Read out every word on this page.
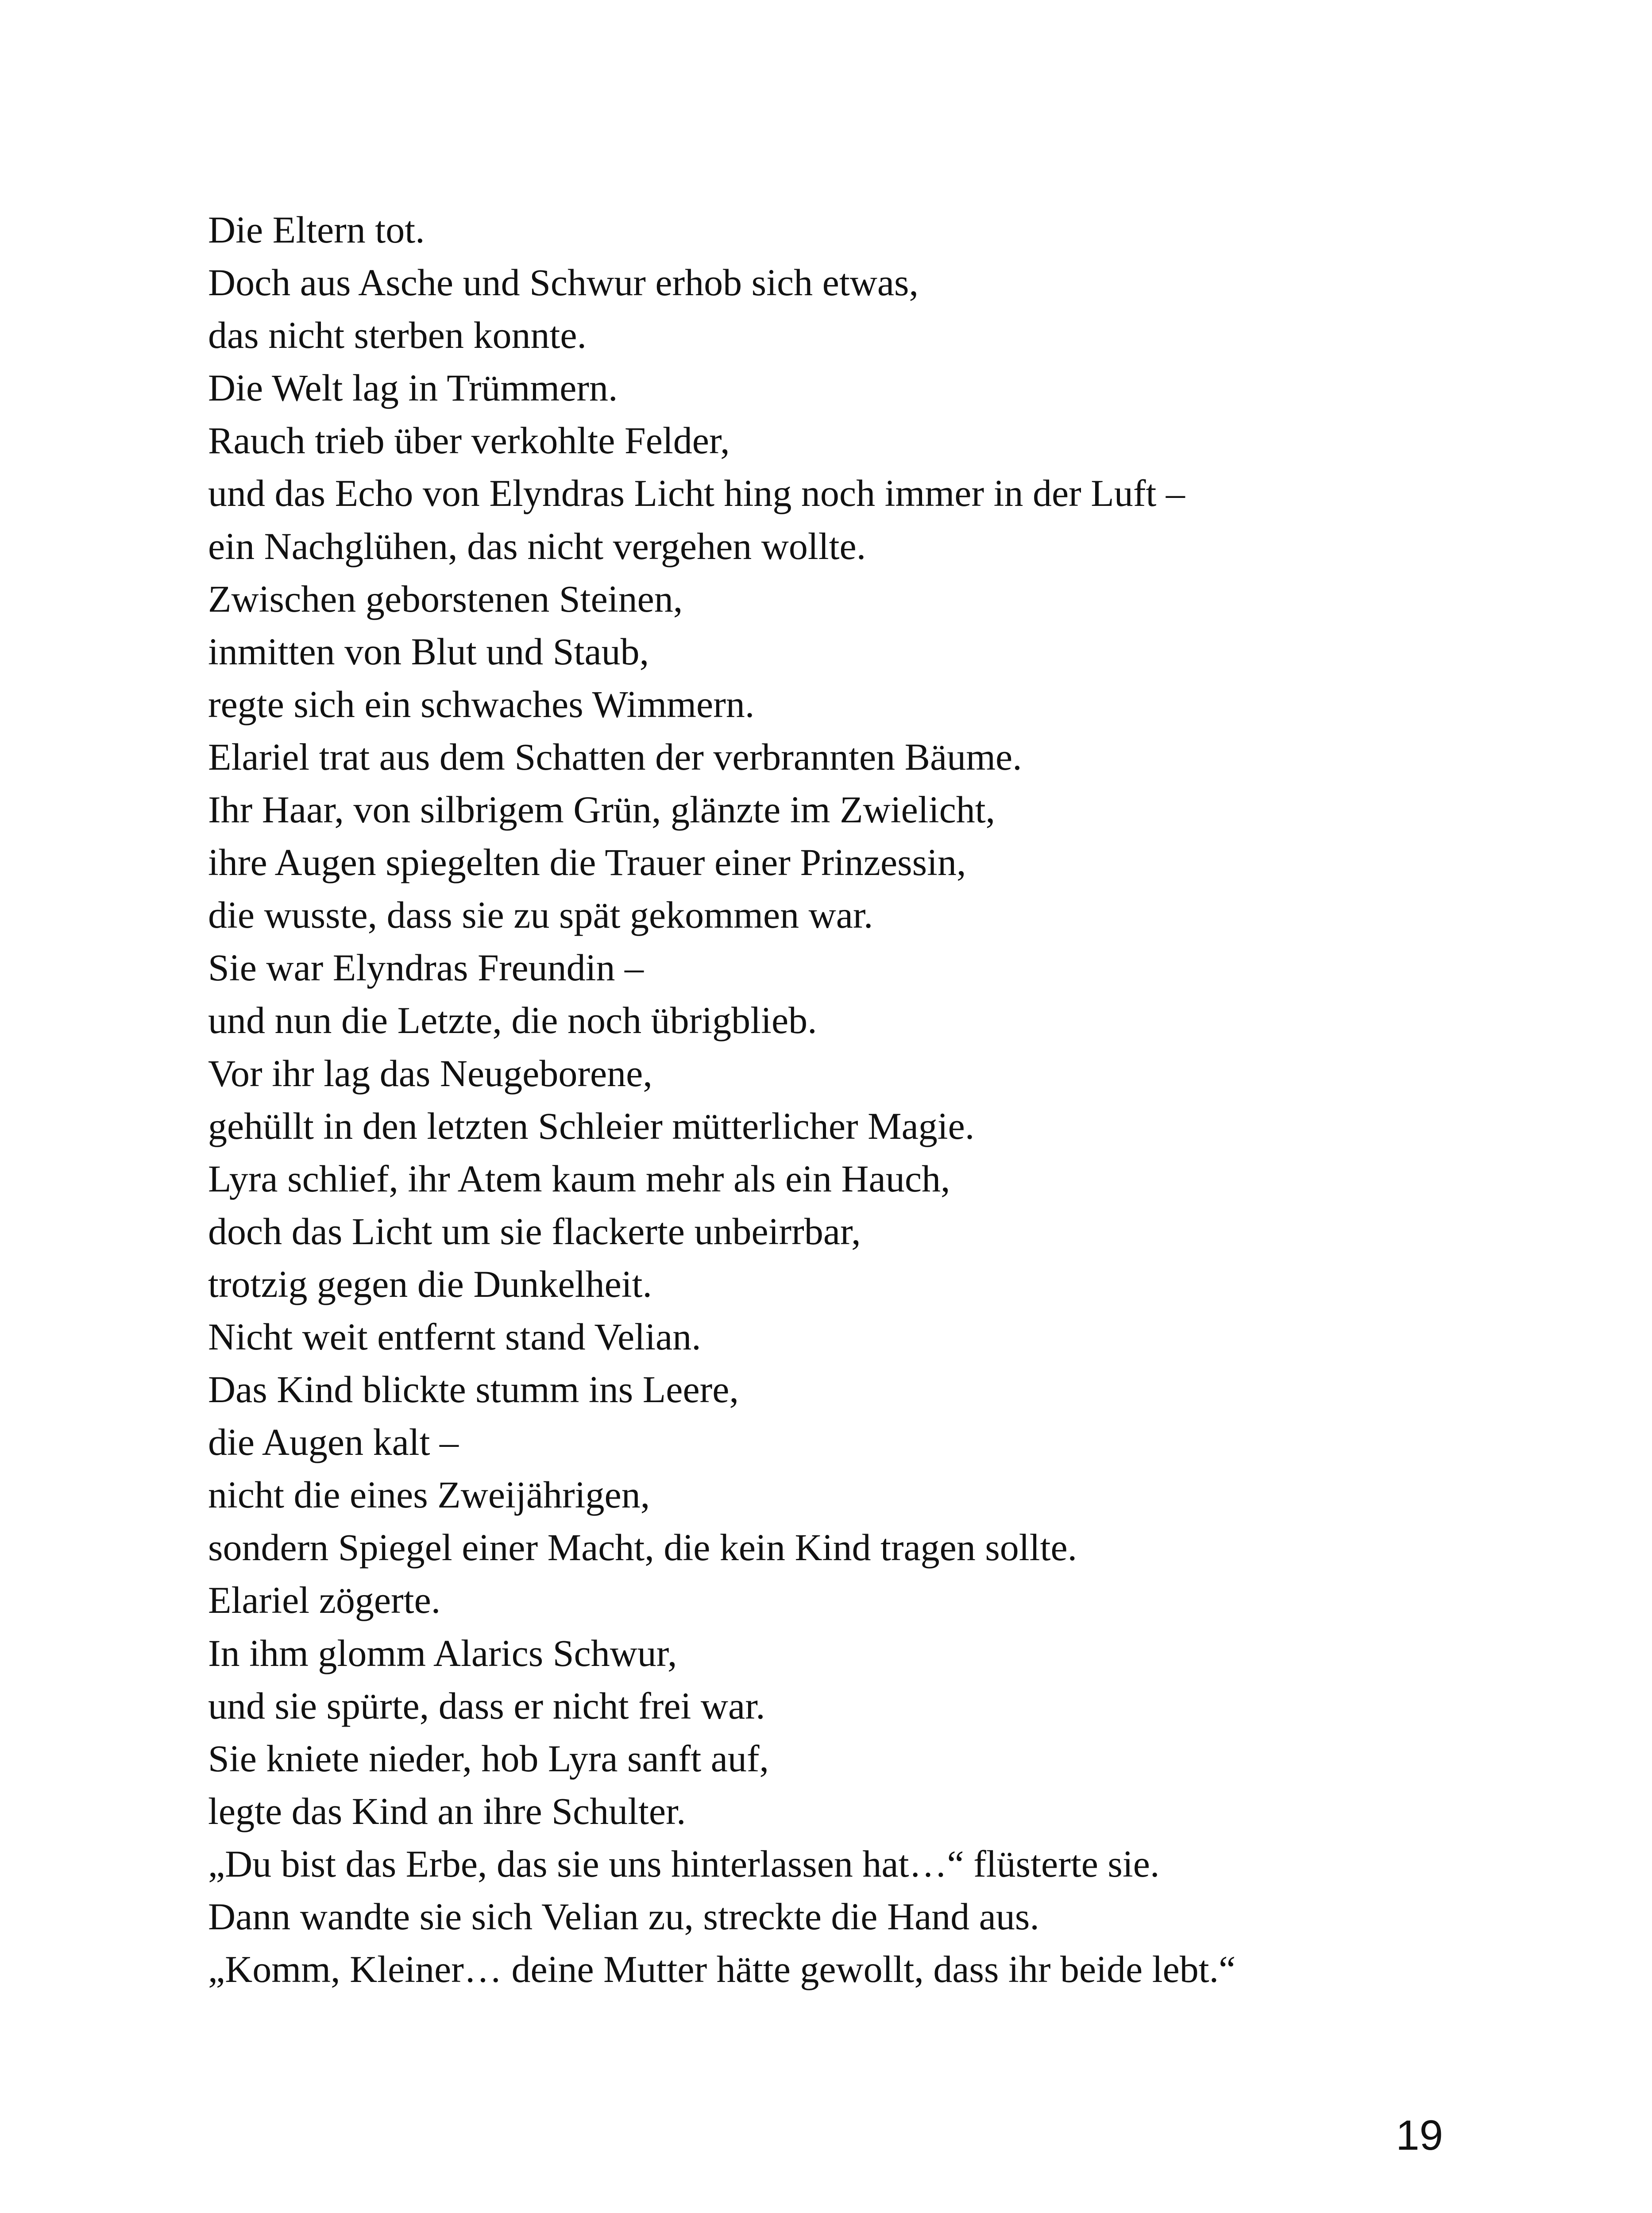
Die Eltern tot.
Doch aus Asche und Schwur erhob sich etwas,
das nicht sterben konnte.
Die Welt lag in Trümmern.
Rauch trieb über verkohlte Felder,
und das Echo von Elyndras Licht hing noch immer in der Luft –
ein Nachglühen, das nicht vergehen wollte.
Zwischen geborstenen Steinen,
inmitten von Blut und Staub,
regte sich ein schwaches Wimmern.
Elariel trat aus dem Schatten der verbrannten Bäume.
Ihr Haar, von silbrigem Grün, glänzte im Zwielicht,
ihre Augen spiegelten die Trauer einer Prinzessin,
die wusste, dass sie zu spät gekommen war.
Sie war Elyndras Freundin –
und nun die Letzte, die noch übrigblieb.
Vor ihr lag das Neugeborene,
gehüllt in den letzten Schleier mütterlicher Magie.
Lyra schlief, ihr Atem kaum mehr als ein Hauch,
doch das Licht um sie flackerte unbeirrbar,
trotzig gegen die Dunkelheit.
Nicht weit entfernt stand Velian.
Das Kind blickte stumm ins Leere,
die Augen kalt –
nicht die eines Zweijährigen,
sondern Spiegel einer Macht, die kein Kind tragen sollte.
Elariel zögerte.
In ihm glomm Alarics Schwur,
und sie spürte, dass er nicht frei war.
Sie kniete nieder, hob Lyra sanft auf,
legte das Kind an ihre Schulter.
„Du bist das Erbe, das sie uns hinterlassen hat…“ flüsterte sie.
Dann wandte sie sich Velian zu, streckte die Hand aus.
„Komm, Kleiner… deine Mutter hätte gewollt, dass ihr beide lebt.“
19
